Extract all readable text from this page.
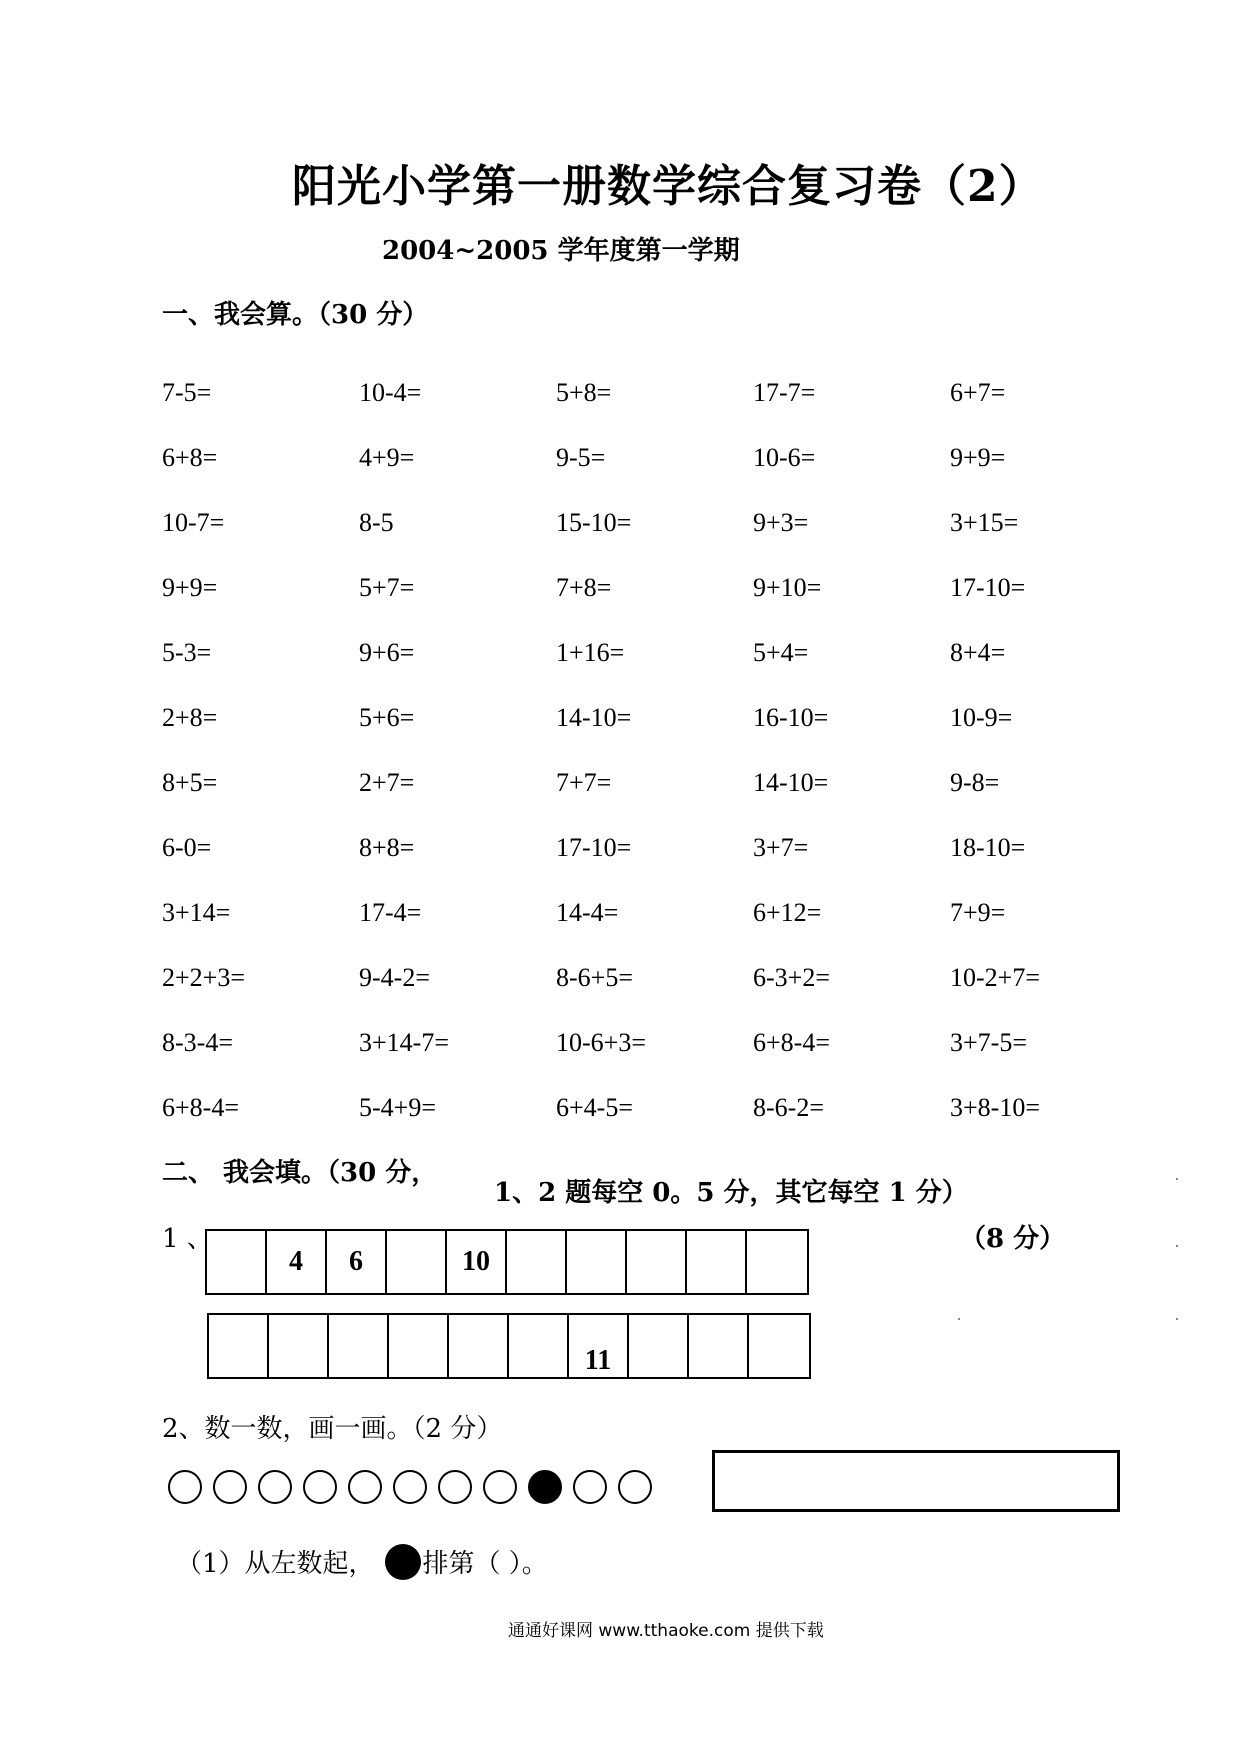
阳光小学第一册数学综合复习卷（2）
2004~2005 学年度第一学期
一、我会算。（30 分）
7-5=	10-4=	5+8=	17-7=	6+7=
6+8=	4+9=	9-5=	10-6=	9+9=
10-7=	8-5	15-10=	9+3=	3+15=
9+9=	5+7=	7+8=	9+10=	17-10=
5-3=	9+6=	1+16=	5+4=	8+4=
2+8=	5+6=	14-10=	16-10=	10-9=
8+5=	2+7=	7+7=	14-10=	9-8=
6-0=	8+8=	17-10=	3+7=	18-10=
3+14=	17-4=	14-4=	6+12=	7+9=
2+2+3=	9-4-2=	8-6+5=	6-3+2=	10-2+7=
8-3-4=	3+14-7=	10-6+3=	6+8-4=	3+7-5=
6+8-4=	5-4+9=	6+4-5=	8-6-2=	3+8-10=
二、 我会填。（30 分，
1、2 题每空 0。5 分，其它每空 1 分）
1 、	（8 分）
4	6	10
11
2、数一数，画一画。（2 分）
（1）从左数起， 排第（ ）。
通通好课网 www.tthaoke.com 提供下载
